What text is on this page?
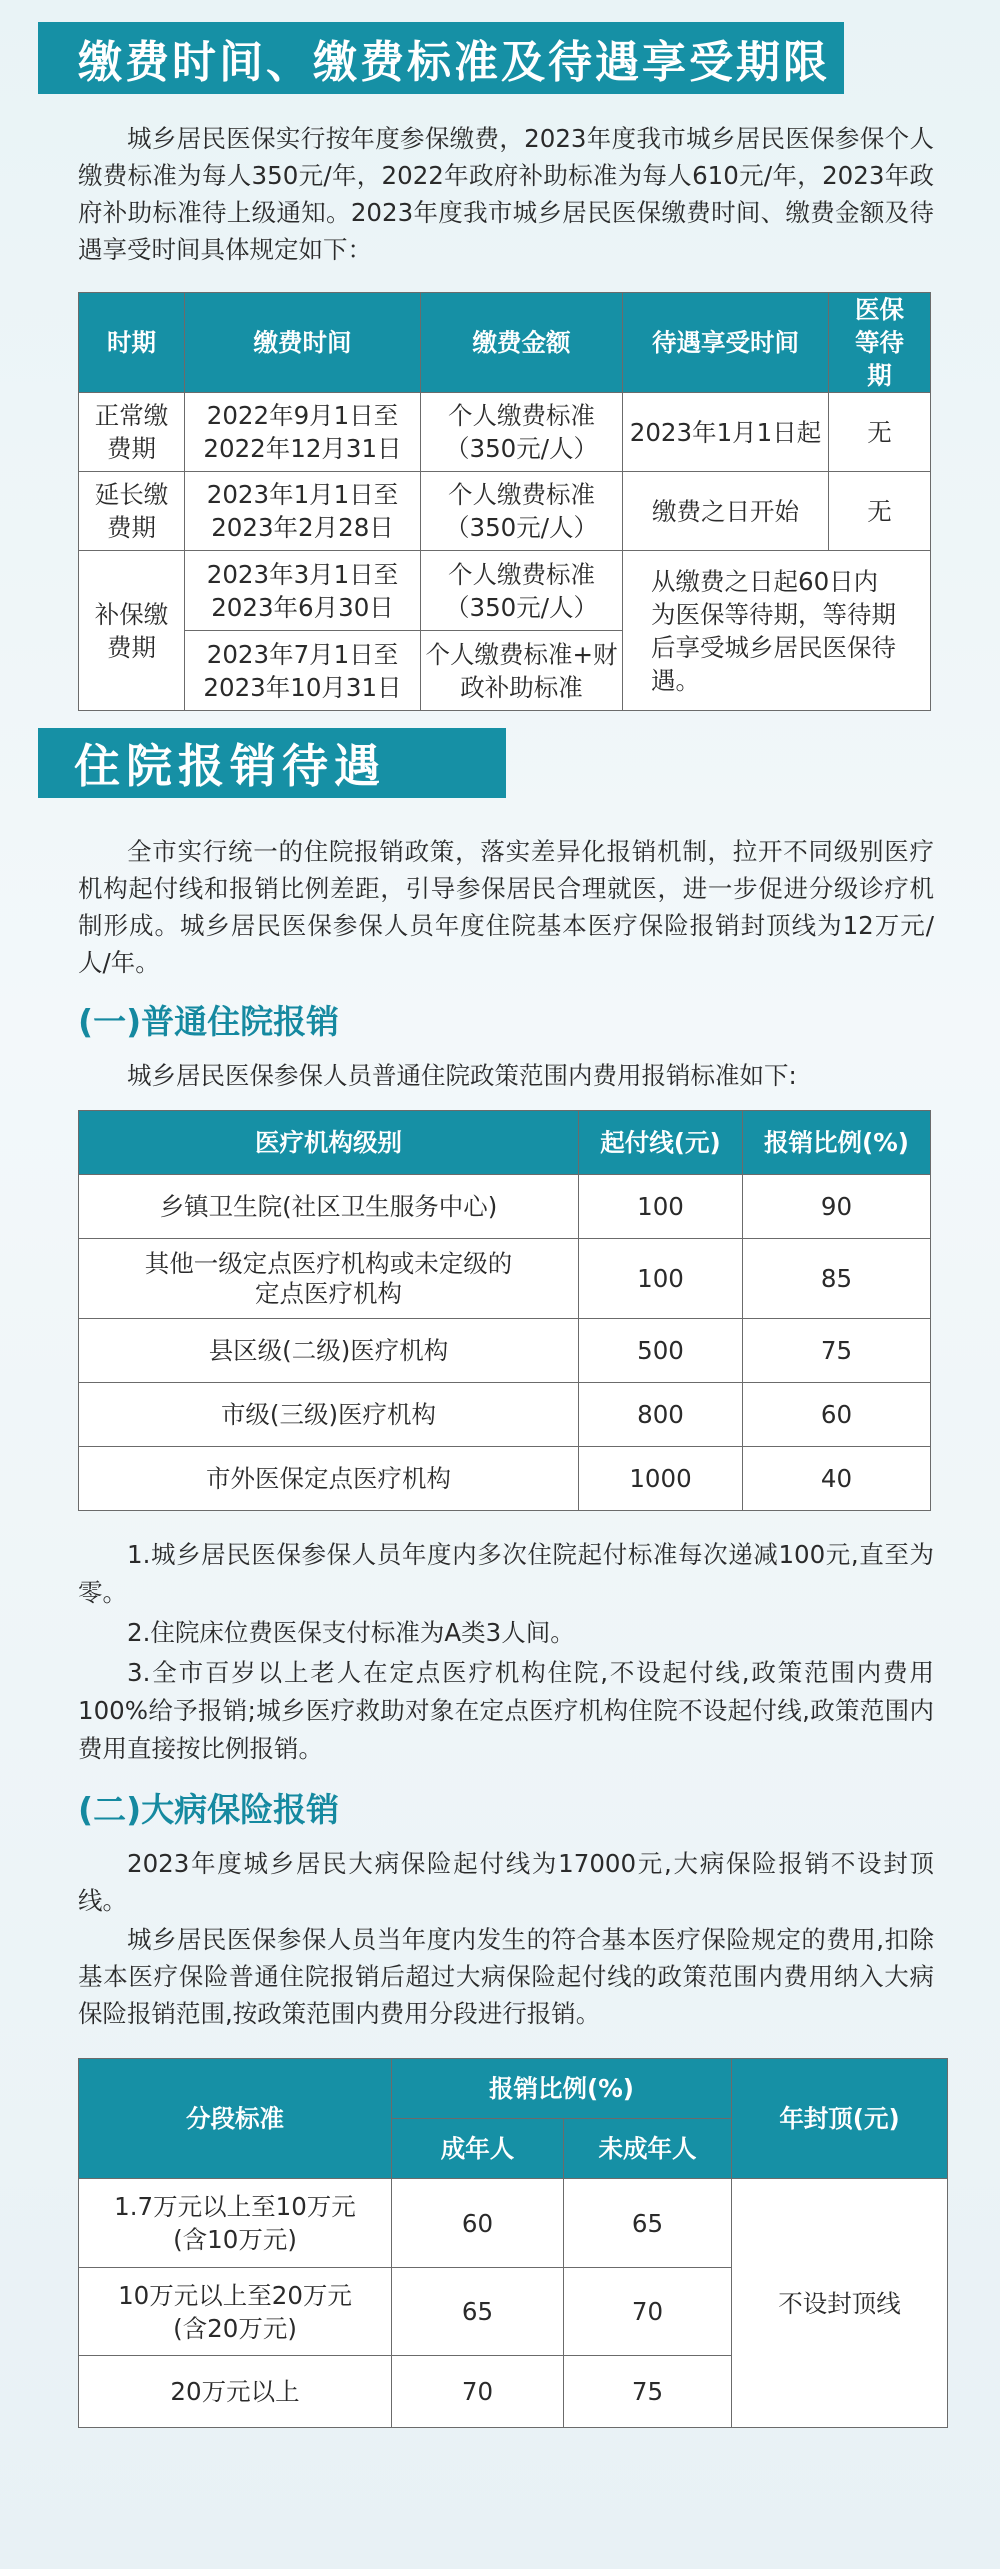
缴费时间、缴费标准及待遇享受期限
城乡居民医保实行按年度参保缴费，2023年度我市城乡居民医保参保个人缴费标准为每人350元/年，2022年政府补助标准为每人610元/年，2023年政府补助标准待上级通知。2023年度我市城乡居民医保缴费时间、缴费金额及待遇享受时间具体规定如下：
时期	缴费时间	缴费金额	待遇享受时间	医保等待期
正常缴费期	2022年9月1日至2022年12月31日	个人缴费标准（350元/人）	2023年1月1日起	无
延长缴费期	2023年1月1日至2023年2月28日	个人缴费标准（350元/人）	缴费之日开始	无
补保缴费期	2023年3月1日至2023年6月30日	个人缴费标准（350元/人）	从缴费之日起60日内为医保等待期，等待期后享受城乡居民医保待遇。	
	2023年7月1日至2023年10月31日	个人缴费标准+财政补助标准		
住院报销待遇
全市实行统一的住院报销政策，落实差异化报销机制，拉开不同级别医疗机构起付线和报销比例差距，引导参保居民合理就医，进一步促进分级诊疗机制形成。城乡居民医保参保人员年度住院基本医疗保险报销封顶线为12万元/人/年。
(一)普通住院报销
城乡居民医保参保人员普通住院政策范围内费用报销标准如下:
医疗机构级别	起付线(元)	报销比例(%)
乡镇卫生院(社区卫生服务中心)	100	90
其他一级定点医疗机构或未定级的定点医疗机构	100	85
县区级(二级)医疗机构	500	75
市级(三级)医疗机构	800	60
市外医保定点医疗机构	1000	40
1.城乡居民医保参保人员年度内多次住院起付标准每次递减100元,直至为零。
2.住院床位费医保支付标准为A类3人间。
3.全市百岁以上老人在定点医疗机构住院,不设起付线,政策范围内费用100%给予报销;城乡医疗救助对象在定点医疗机构住院不设起付线,政策范围内费用直接按比例报销。
(二)大病保险报销
2023年度城乡居民大病保险起付线为17000元,大病保险报销不设封顶线。
城乡居民医保参保人员当年度内发生的符合基本医疗保险规定的费用,扣除基本医疗保险普通住院报销后超过大病保险起付线的政策范围内费用纳入大病保险报销范围,按政策范围内费用分段进行报销。
分段标准	报销比例(%)		年封顶(元)
	成年人	未成年人	
1.7万元以上至10万元(含10万元)	60	65	不设封顶线
10万元以上至20万元(含20万元)	65	70	
20万元以上	70	75	
